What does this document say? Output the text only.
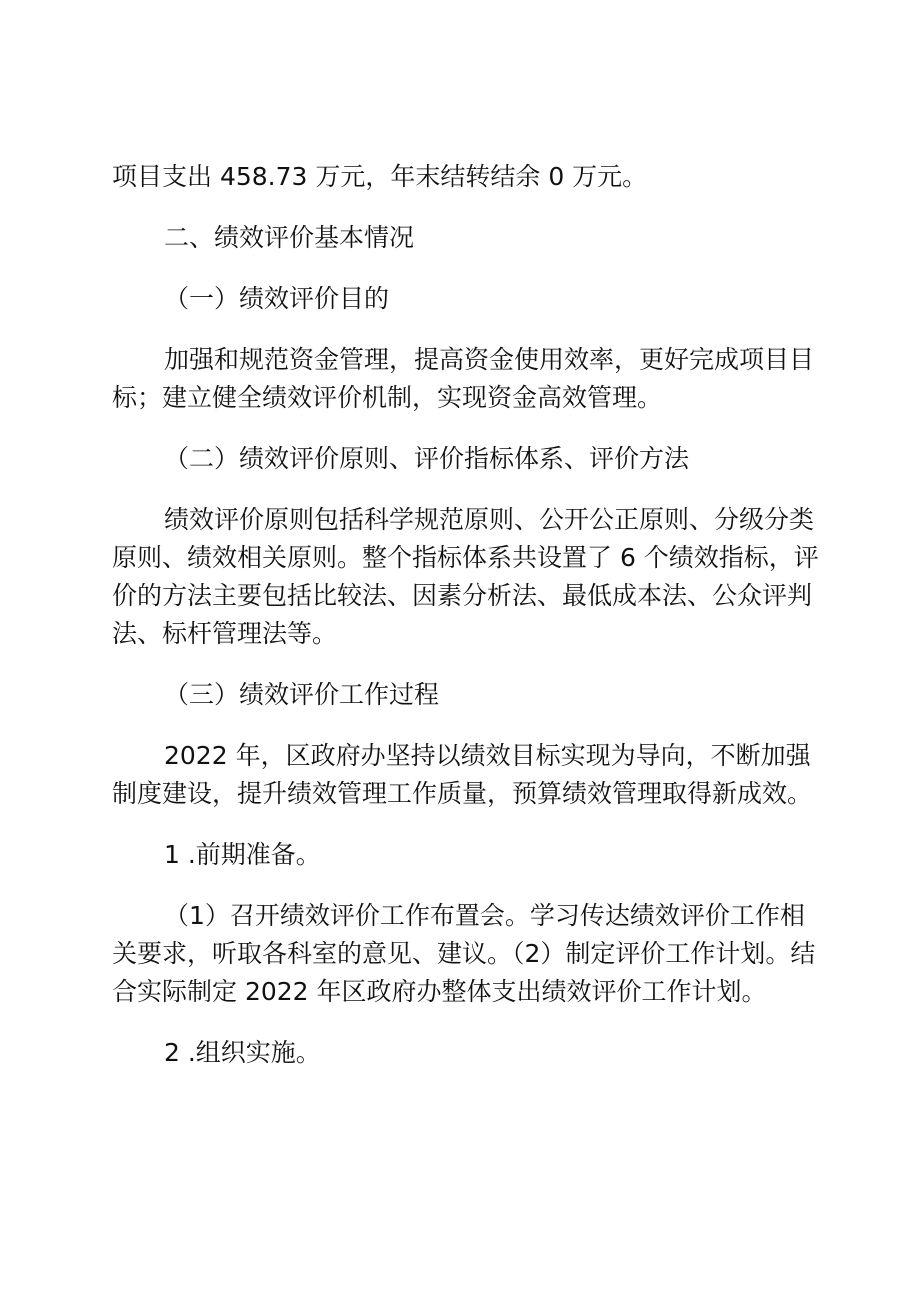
项目支出 458.73 万元，年末结转结余 0 万元。

二、绩效评价基本情况

（一）绩效评价目的

加强和规范资金管理，提高资金使用效率，更好完成项目目标；建立健全绩效评价机制，实现资金高效管理。

（二）绩效评价原则、评价指标体系、评价方法

绩效评价原则包括科学规范原则、公开公正原则、分级分类原则、绩效相关原则。整个指标体系共设置了 6 个绩效指标，评价的方法主要包括比较法、因素分析法、最低成本法、公众评判法、标杆管理法等。

（三）绩效评价工作过程

2022 年，区政府办坚持以绩效目标实现为导向，不断加强制度建设，提升绩效管理工作质量，预算绩效管理取得新成效。

1 .前期准备。

（1）召开绩效评价工作布置会。学习传达绩效评价工作相关要求，听取各科室的意见、建议。（2）制定评价工作计划。结合实际制定 2022 年区政府办整体支出绩效评价工作计划。

2 .组织实施。
